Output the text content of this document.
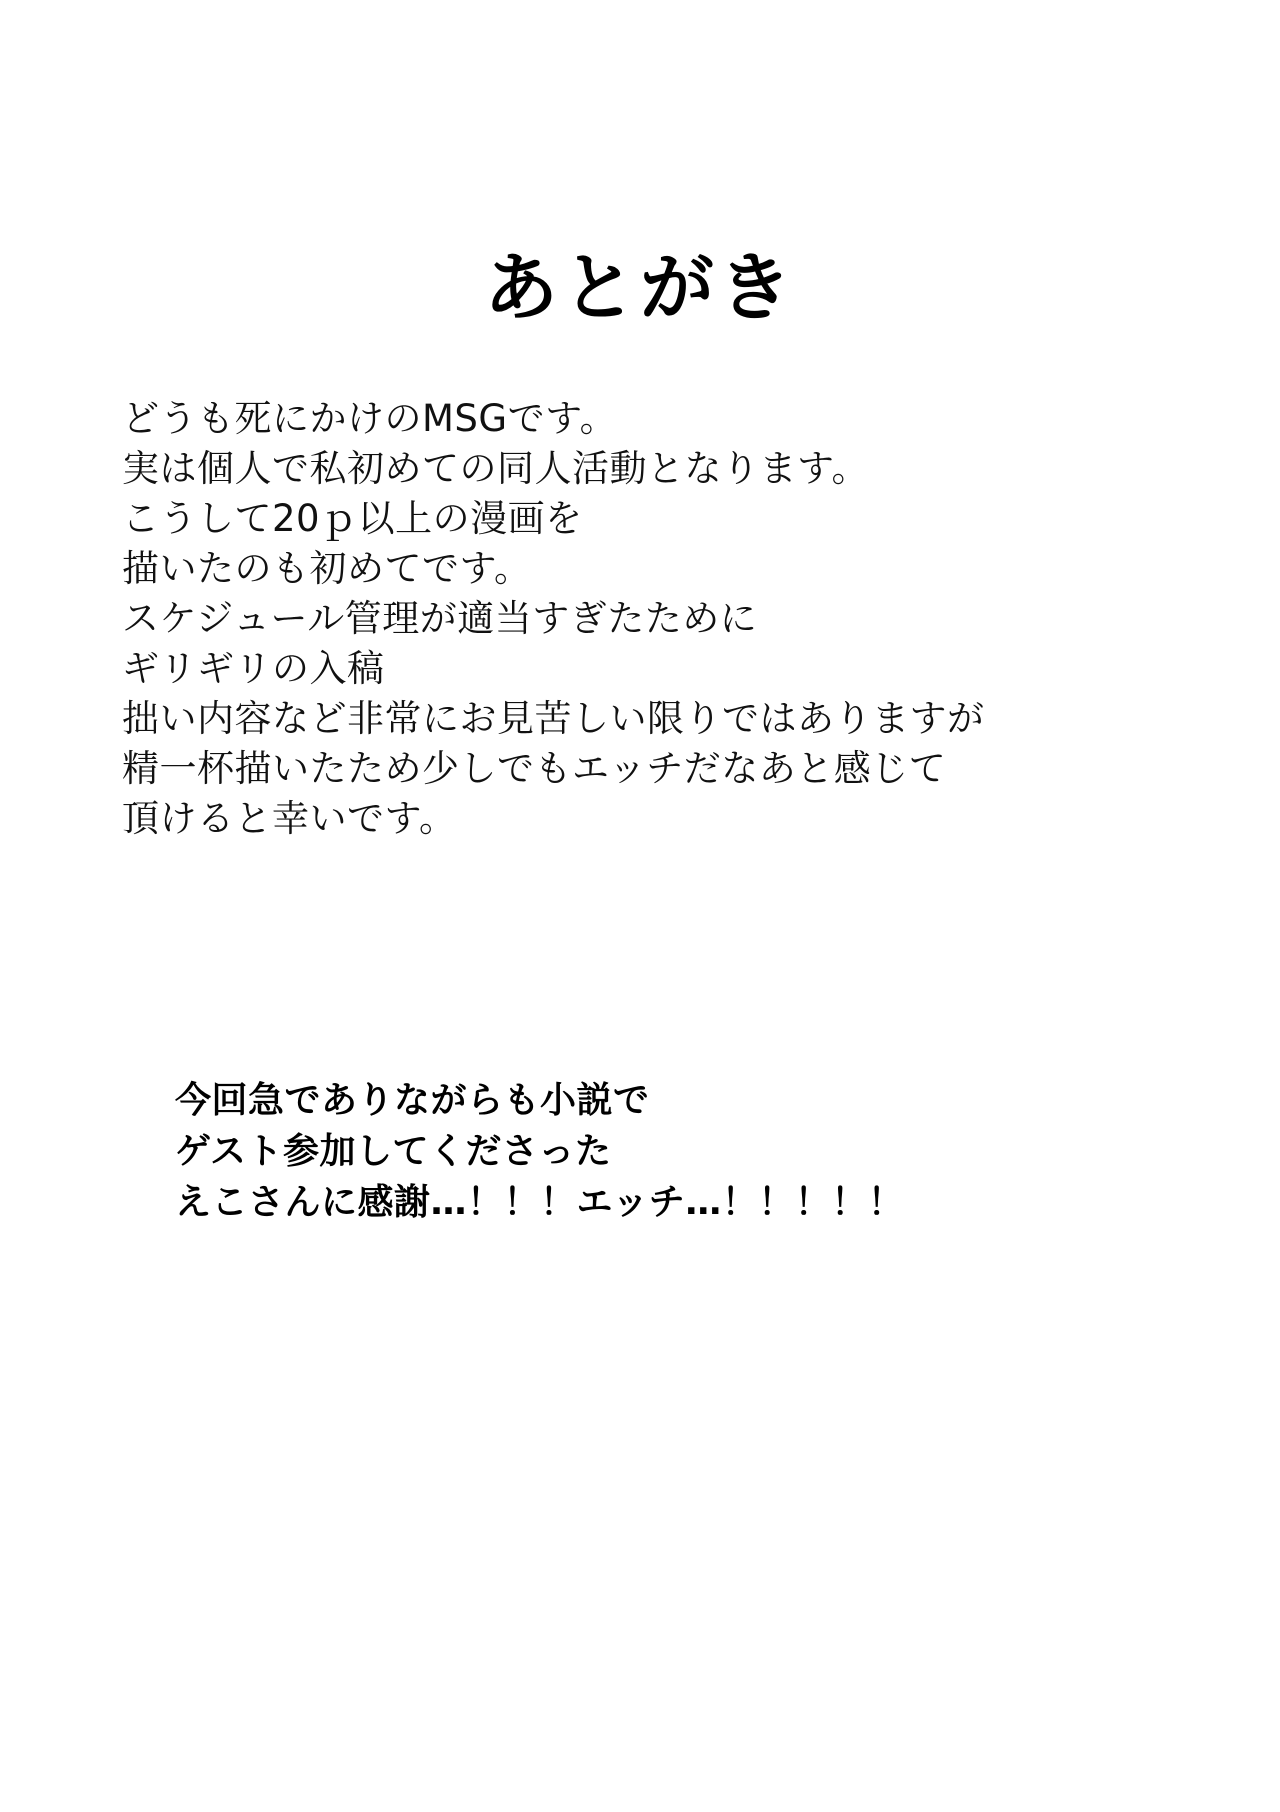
あとがき
どうも死にかけのMSGです。
実は個人で私初めての同人活動となります。
こうして20ｐ以上の漫画を
描いたのも初めてです。
スケジュール管理が適当すぎたために
ギリギリの入稿
拙い内容など非常にお見苦しい限りではありますが
精一杯描いたため少しでもエッチだなあと感じて
頂けると幸いです。
今回急でありながらも小説で
ゲスト参加してくださった
えこさんに感謝…！！！エッチ…！！！！！
